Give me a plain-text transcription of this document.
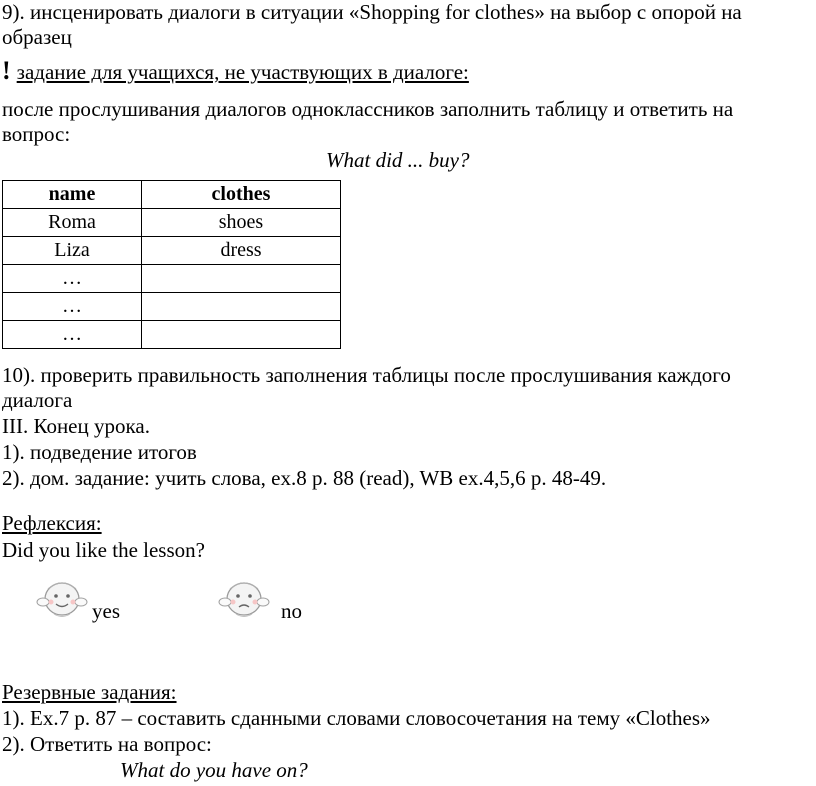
9). инсценировать диалоги в ситуации «Shopping for clothes» на выбор с опорой на
образец
! задание для учащихся, не участвующих в диалоге:
после прослушивания диалогов одноклассников заполнить таблицу и ответить на
вопрос:
What did ... buy?
name	clothes
Roma	shoes
Liza	dress
…	
…	
…	
10). проверить правильность заполнения таблицы после прослушивания каждого
диалога
III. Конец урока.
1). подведение итогов
2). дом. задание: учить слова, ex.8 p. 88 (read), WB ex.4,5,6 p. 48-49.
Рефлексия:
Did you like the lesson?
yes	no
Резервные задания:
1). Ex.7 p. 87 – составить сданными словами словосочетания на тему «Clothes»
2). Ответить на вопрос:
What do you have on?
